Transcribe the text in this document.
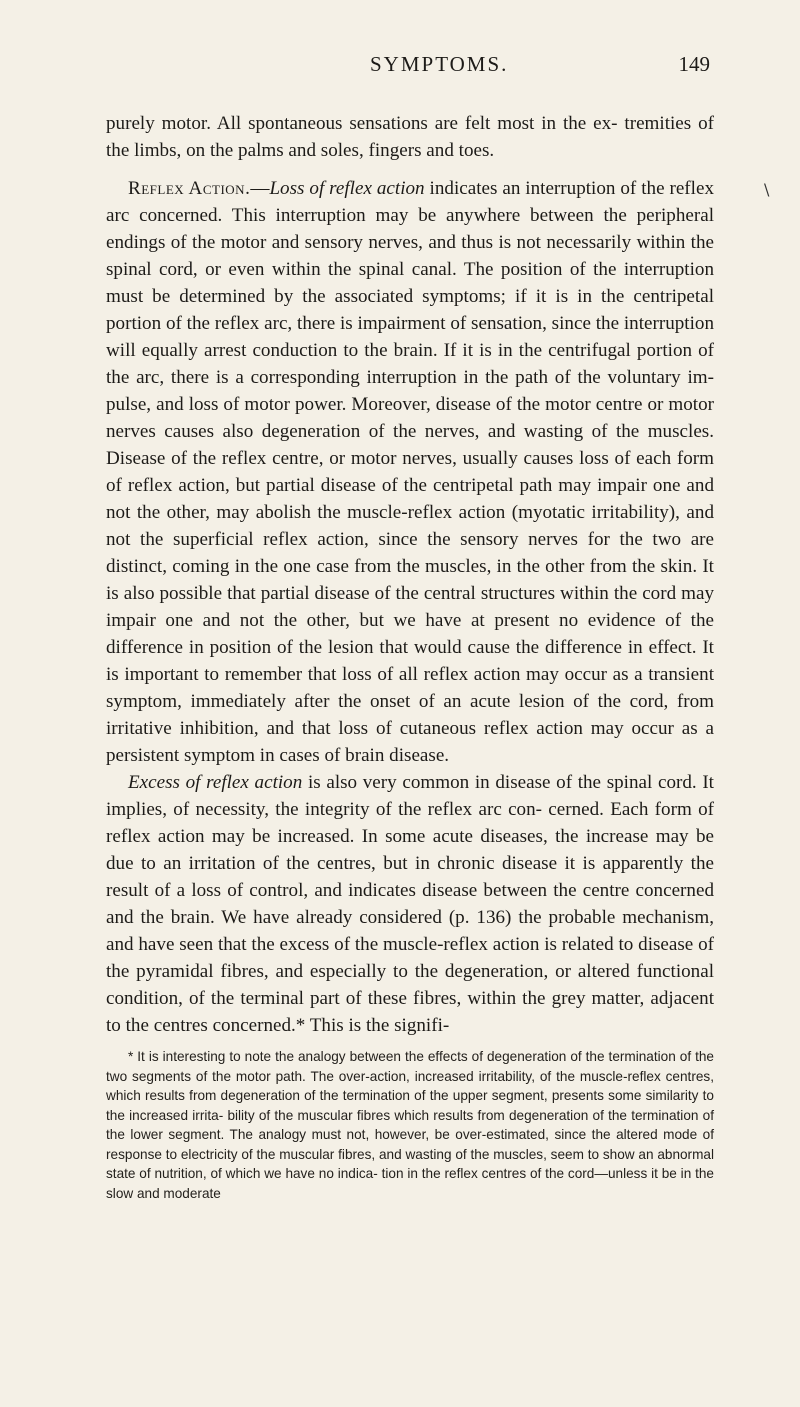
SYMPTOMS.	149
\

purely motor. All spontaneous sensations are felt most in the ex- tremities of the limbs, on the palms and soles, fingers and toes.

Reflex Action.—Loss of reflex action indicates an interruption of the reflex arc concerned. This interruption may be anywhere between the peripheral endings of the motor and sensory nerves, and thus is not necessarily within the spinal cord, or even within the spinal canal. The position of the interruption must be determined by the associated symptoms; if it is in the centripetal portion of the reflex arc, there is impairment of sensation, since the interruption will equally arrest conduction to the brain. If it is in the centrifugal portion of the arc, there is a corresponding interruption in the path of the voluntary im- pulse, and loss of motor power. Moreover, disease of the motor centre or motor nerves causes also degeneration of the nerves, and wasting of the muscles. Disease of the reflex centre, or motor nerves, usually causes loss of each form of reflex action, but partial disease of the centripetal path may impair one and not the other, may abolish the muscle-reflex action (myotatic irritability), and not the superficial reflex action, since the sensory nerves for the two are distinct, coming in the one case from the muscles, in the other from the skin. It is also possible that partial disease of the central structures within the cord may impair one and not the other, but we have at present no evidence of the difference in position of the lesion that would cause the difference in effect. It is important to remember that loss of all reflex action may occur as a transient symptom, immediately after the onset of an acute lesion of the cord, from irritative inhibition, and that loss of cutaneous reflex action may occur as a persistent symptom in cases of brain disease.

Excess of reflex action is also very common in disease of the spinal cord. It implies, of necessity, the integrity of the reflex arc con- cerned. Each form of reflex action may be increased. In some acute diseases, the increase may be due to an irritation of the centres, but in chronic disease it is apparently the result of a loss of control, and indicates disease between the centre concerned and the brain. We have already considered (p. 136) the probable mechanism, and have seen that the excess of the muscle-reflex action is related to disease of the pyramidal fibres, and especially to the degeneration, or altered functional condition, of the terminal part of these fibres, within the grey matter, adjacent to the centres concerned.* This is the signifi-

* It is interesting to note the analogy between the effects of degeneration of the termination of the two segments of the motor path. The over-action, increased irritability, of the muscle-reflex centres, which results from degeneration of the termination of the upper segment, presents some similarity to the increased irrita- bility of the muscular fibres which results from degeneration of the termination of the lower segment. The analogy must not, however, be over-estimated, since the altered mode of response to electricity of the muscular fibres, and wasting of the muscles, seem to show an abnormal state of nutrition, of which we have no indica- tion in the reflex centres of the cord—unless it be in the slow and moderate
